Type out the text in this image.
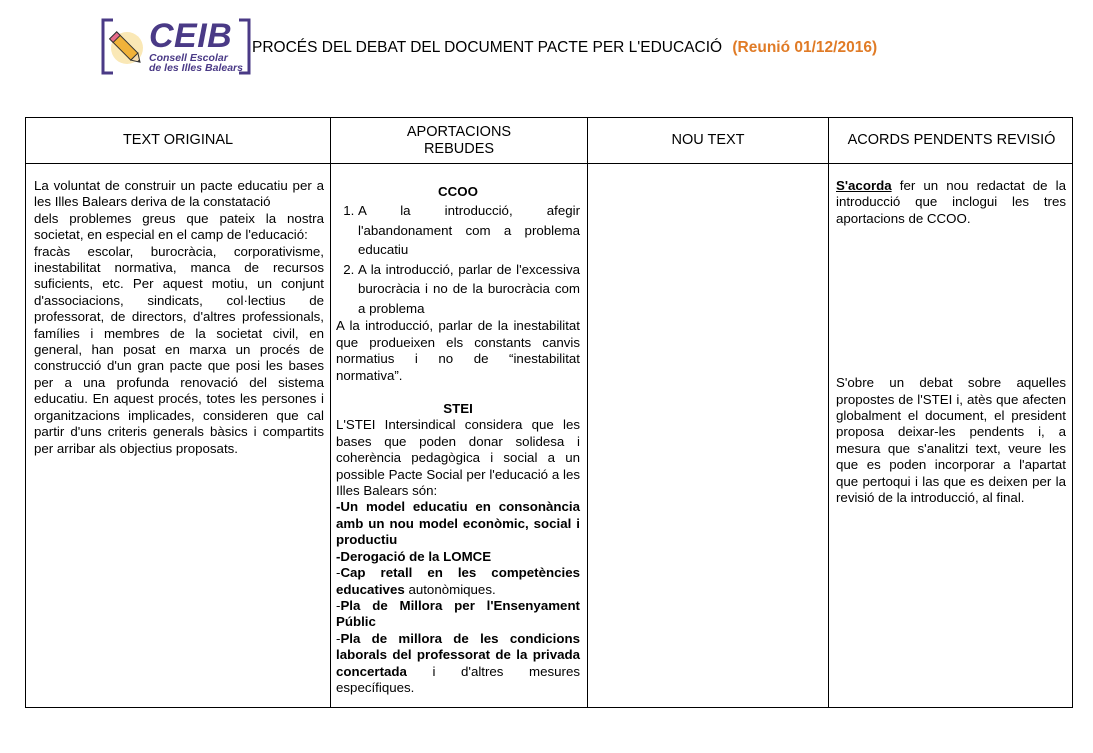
CEIB
Consell Escolar
de les Illes Balears
PROCÉS DEL DEBAT DEL DOCUMENT PACTE PER L'EDUCACIÓ (Reunió 01/12/2016)
TEXT ORIGINAL
APORTACIONS
REBUDES
NOU TEXT	ACORDS PENDENTS REVISIÓ

La voluntat de construir un pacte educatiu per a les Illes Balears deriva de la constatació

dels problemes greus que pateix la nostra societat, en especial en el camp de l'educació:

fracàs escolar, burocràcia, corporativisme, inestabilitat normativa, manca de recursos suficients, etc. Per aquest motiu, un conjunt d'associacions, sindicats, col·lectius de professorat, de directors, d'altres professionals, famílies i membres de la societat civil, en general, han posat en marxa un procés de construcció d'un gran pacte que posi les bases per a una profunda renovació del sistema educatiu. En aquest procés, totes les persones i organitzacions implicades, consideren que cal partir d'uns criteris generals bàsics i compartits per arribar als objectius proposats.

CCOO

1. A la introducció, afegir l'abandonament com a problema educatiu
2. A la introducció, parlar de l'excessiva burocràcia i no de la burocràcia com a problema

A la introducció, parlar de la inestabilitat que produeixen els constants canvis normatius i no de “inestabilitat normativa”.

STEI

L'STEI Intersindical considera que les bases que poden donar solidesa i coherència pedagògica i social a un possible Pacte Social per l'educació a les Illes Balears són:

-Un model educatiu en consonància amb un nou model econòmic, social i productiu

-Derogació de la LOMCE

-Cap retall en les competències educatives autonòmiques.

-Pla de Millora per l'Ensenyament Públic

-Pla de millora de les condicions laborals del professorat de la privada concertada i d'altres mesures específiques.

S'acorda fer un nou redactat de la introducció que inclogui les tres aportacions de CCOO.

S'obre un debat sobre aquelles propostes de l'STEI i, atès que afecten globalment el document, el president proposa deixar-les pendents i, a mesura que s'analitzi text, veure les que es poden incorporar a l'apartat que pertoqui i las que es deixen per la revisió de la introducció, al final.
